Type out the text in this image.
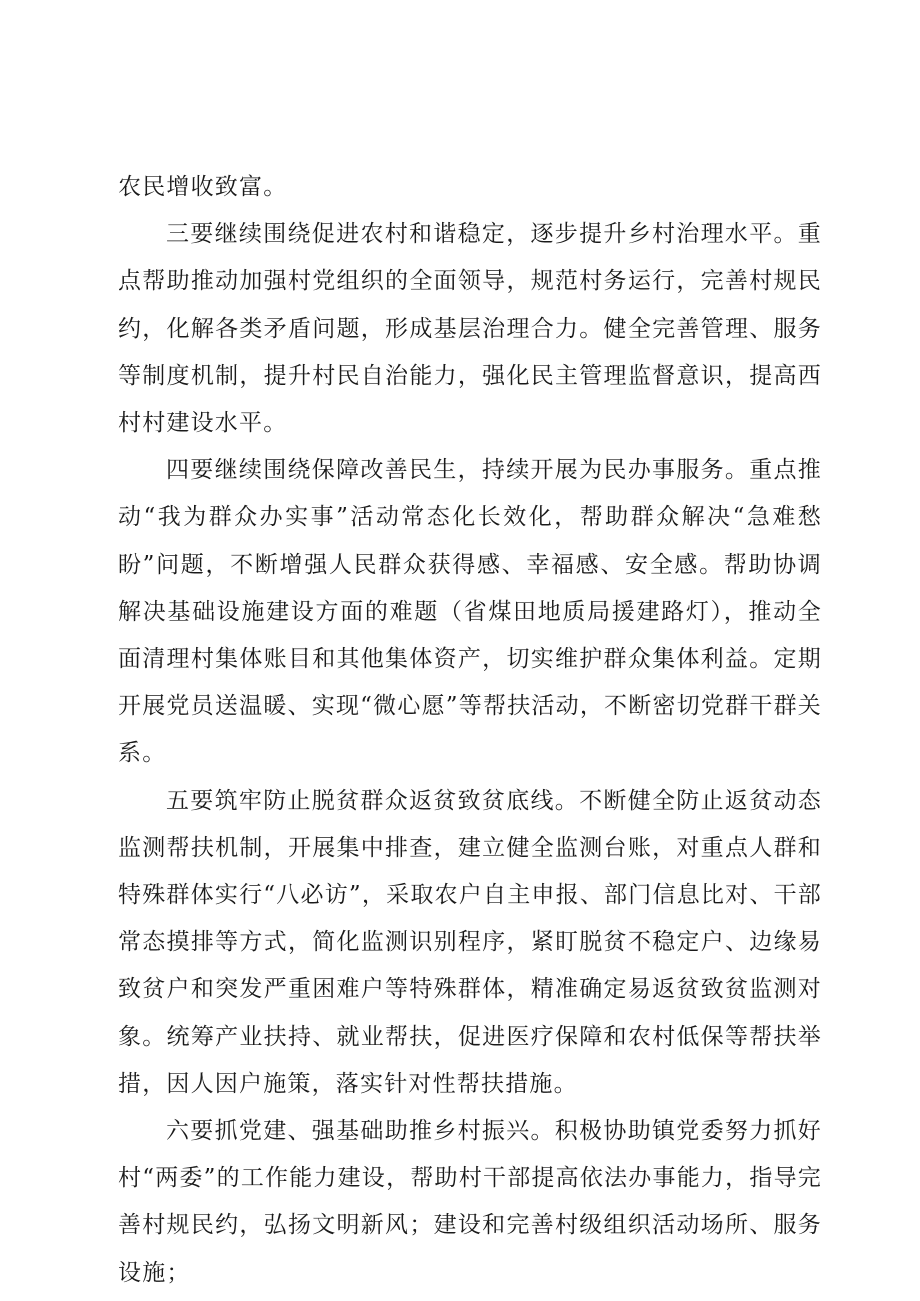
农民增收致富。

三要继续围绕促进农村和谐稳定，逐步提升乡村治理水平。重点帮助推动加强村党组织的全面领导，规范村务运行，完善村规民约，化解各类矛盾问题，形成基层治理合力。健全完善管理、服务等制度机制，提升村民自治能力，强化民主管理监督意识，提高西村村建设水平。

四要继续围绕保障改善民生，持续开展为民办事服务。重点推动“我为群众办实事”活动常态化长效化，帮助群众解决“急难愁盼”问题，不断增强人民群众获得感、幸福感、安全感。帮助协调解决基础设施建设方面的难题（省煤田地质局援建路灯），推动全面清理村集体账目和其他集体资产，切实维护群众集体利益。定期开展党员送温暖、实现“微心愿”等帮扶活动，不断密切党群干群关系。

五要筑牢防止脱贫群众返贫致贫底线。不断健全防止返贫动态监测帮扶机制，开展集中排查，建立健全监测台账，对重点人群和特殊群体实行“八必访”，采取农户自主申报、部门信息比对、干部常态摸排等方式，简化监测识别程序，紧盯脱贫不稳定户、边缘易致贫户和突发严重困难户等特殊群体，精准确定易返贫致贫监测对象。统筹产业扶持、就业帮扶，促进医疗保障和农村低保等帮扶举措，因人因户施策，落实针对性帮扶措施。

六要抓党建、强基础助推乡村振兴。积极协助镇党委努力抓好村“两委”的工作能力建设，帮助村干部提高依法办事能力，指导完善村规民约，弘扬文明新风；建设和完善村级组织活动场所、服务设施；
